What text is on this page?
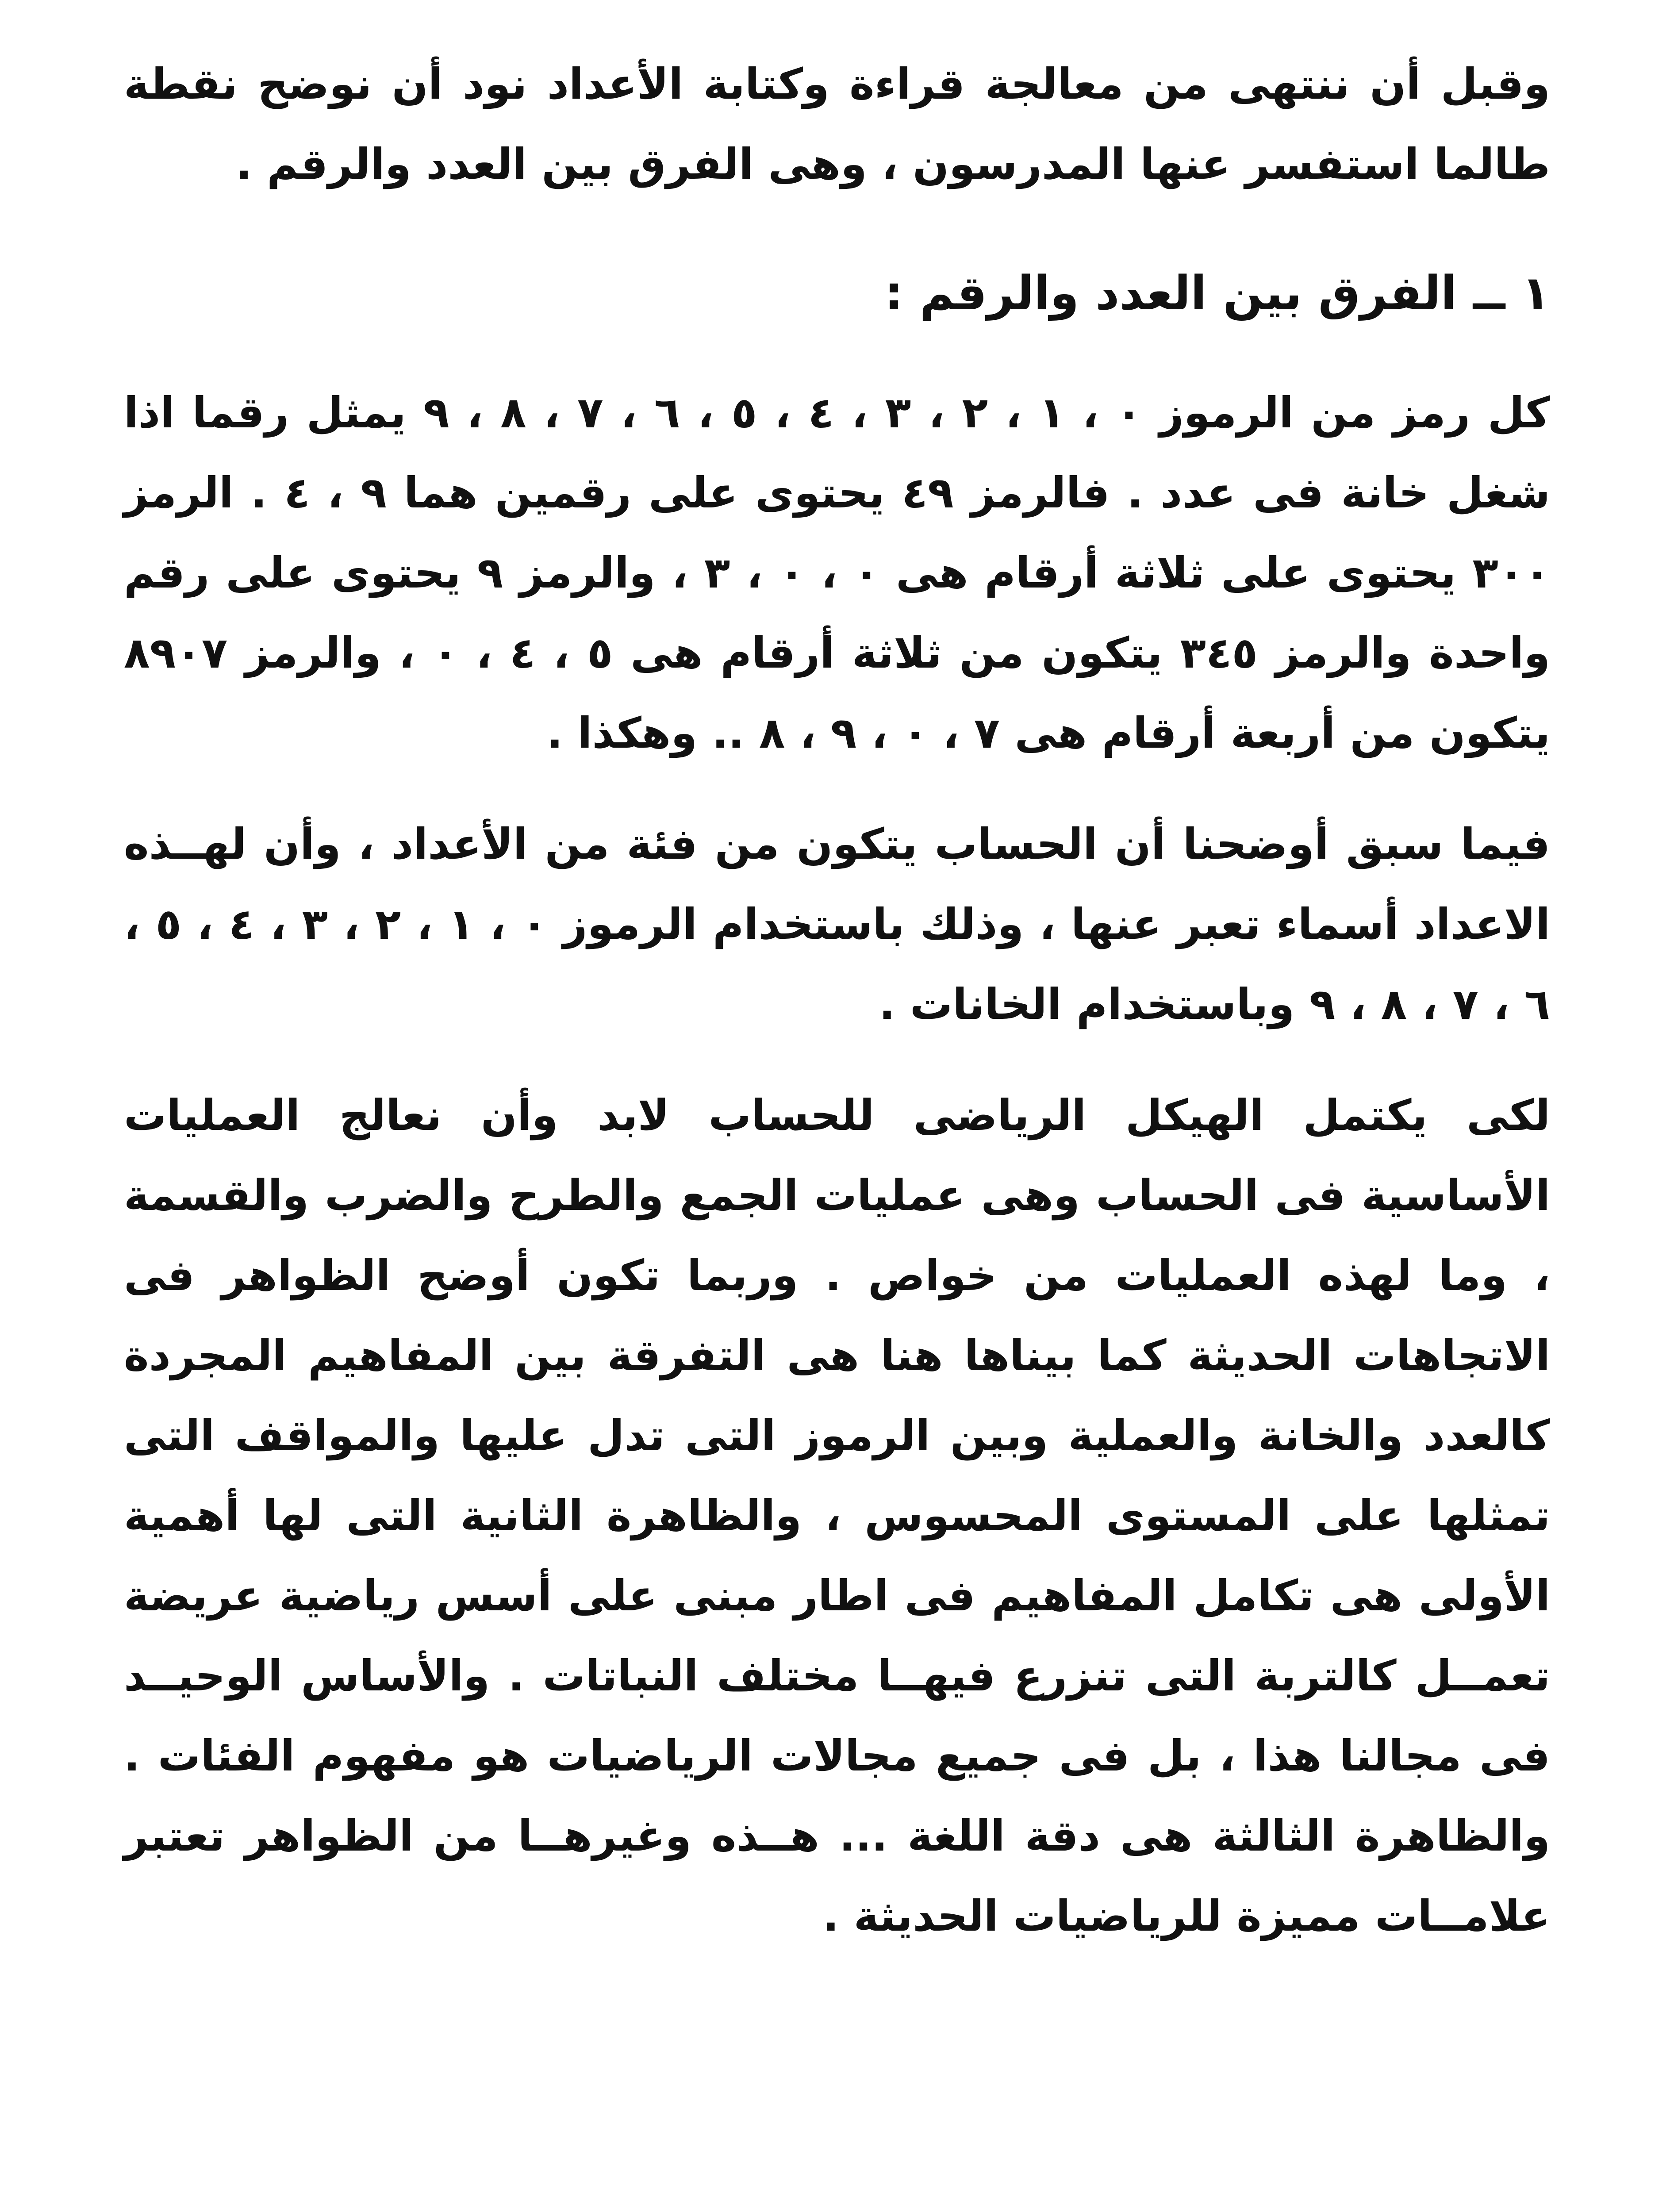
وقبل أن ننتهى من معالجة قراءة وكتابة الأعداد نود أن نوضح نقطة طالما استفسر عنها المدرسون ، وهى الفرق بين العدد والرقم .

١ ــ الفرق بين العدد والرقم :

كل رمز من الرموز ٠ ، ١ ، ٢ ، ٣ ، ٤ ، ٥ ، ٦ ، ٧ ، ٨ ، ٩ يمثل رقما اذا شغل خانة فى عدد . فالرمز ٤٩ يحتوى على رقمين هما ٩ ، ٤ . الرمز ٣٠٠ يحتوى على ثلاثة أرقام هى ٠ ، ٠ ، ٣ ، والرمز ٩ يحتوى على رقم واحدة والرمز ٣٤٥ يتكون من ثلاثة أرقام هى ٥ ، ٤ ، ٠ ، والرمز ٨٩٠٧ يتكون من أربعة أرقام هى ٧ ، ٠ ، ٩ ، ٨ .. وهكذا .

فيما سبق أوضحنا أن الحساب يتكون من فئة من الأعداد ، وأن لهــذه الاعداد أسماء تعبر عنها ، وذلك باستخدام الرموز ٠ ، ١ ، ٢ ، ٣ ، ٤ ، ٥ ، ٦ ، ٧ ، ٨ ، ٩ وباستخدام الخانات .

لكى يكتمل الهيكل الرياضى للحساب لابد وأن نعالج العمليات الأساسية فى الحساب وهى عمليات الجمع والطرح والضرب والقسمة ، وما لهذه العمليات من خواص . وربما تكون أوضح الظواهر فى الاتجاهات الحديثة كما بيناها هنا هى التفرقة بين المفاهيم المجردة كالعدد والخانة والعملية وبين الرموز التى تدل عليها والمواقف التى تمثلها على المستوى المحسوس ، والظاهرة الثانية التى لها أهمية الأولى هى تكامل المفاهيم فى اطار مبنى على أسس رياضية عريضة تعمــل كالتربة التى تنزرع فيهــا مختلف النباتات . والأساس الوحيــد فى مجالنا هذا ، بل فى جميع مجالات الرياضيات هو مفهوم الفئات . والظاهرة الثالثة هى دقة اللغة ... هــذه وغيرهــا من الظواهر تعتبر علامــات مميزة للرياضيات الحديثة .
